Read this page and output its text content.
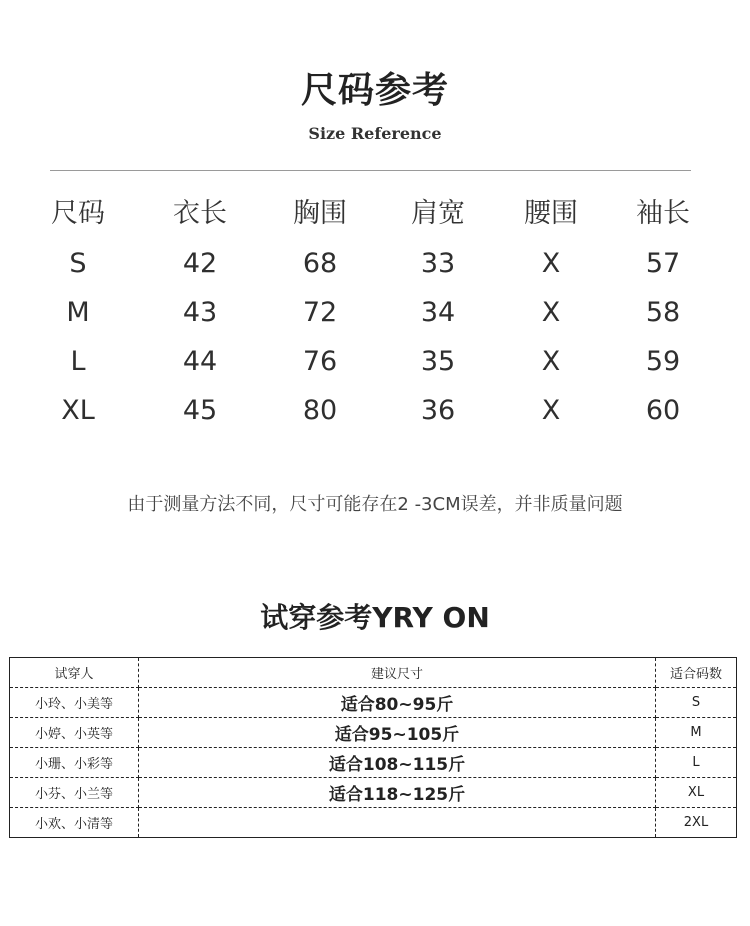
尺码参考
Size Reference
尺码	衣长	胸围	肩宽	腰围	袖长
S	42	68	33	X	57
M	43	72	34	X	58
L	44	76	35	X	59
XL	45	80	36	X	60
由于测量方法不同，尺寸可能存在2 -3CM误差，并非质量问题
试穿参考YRY ON
试穿人	建议尺寸	适合码数
小玲、小美等	适合80~95斤	S
小婷、小英等	适合95~105斤	M
小珊、小彩等	适合108~115斤	L
小芬、小兰等	适合118~125斤	XL
小欢、小清等		2XL
